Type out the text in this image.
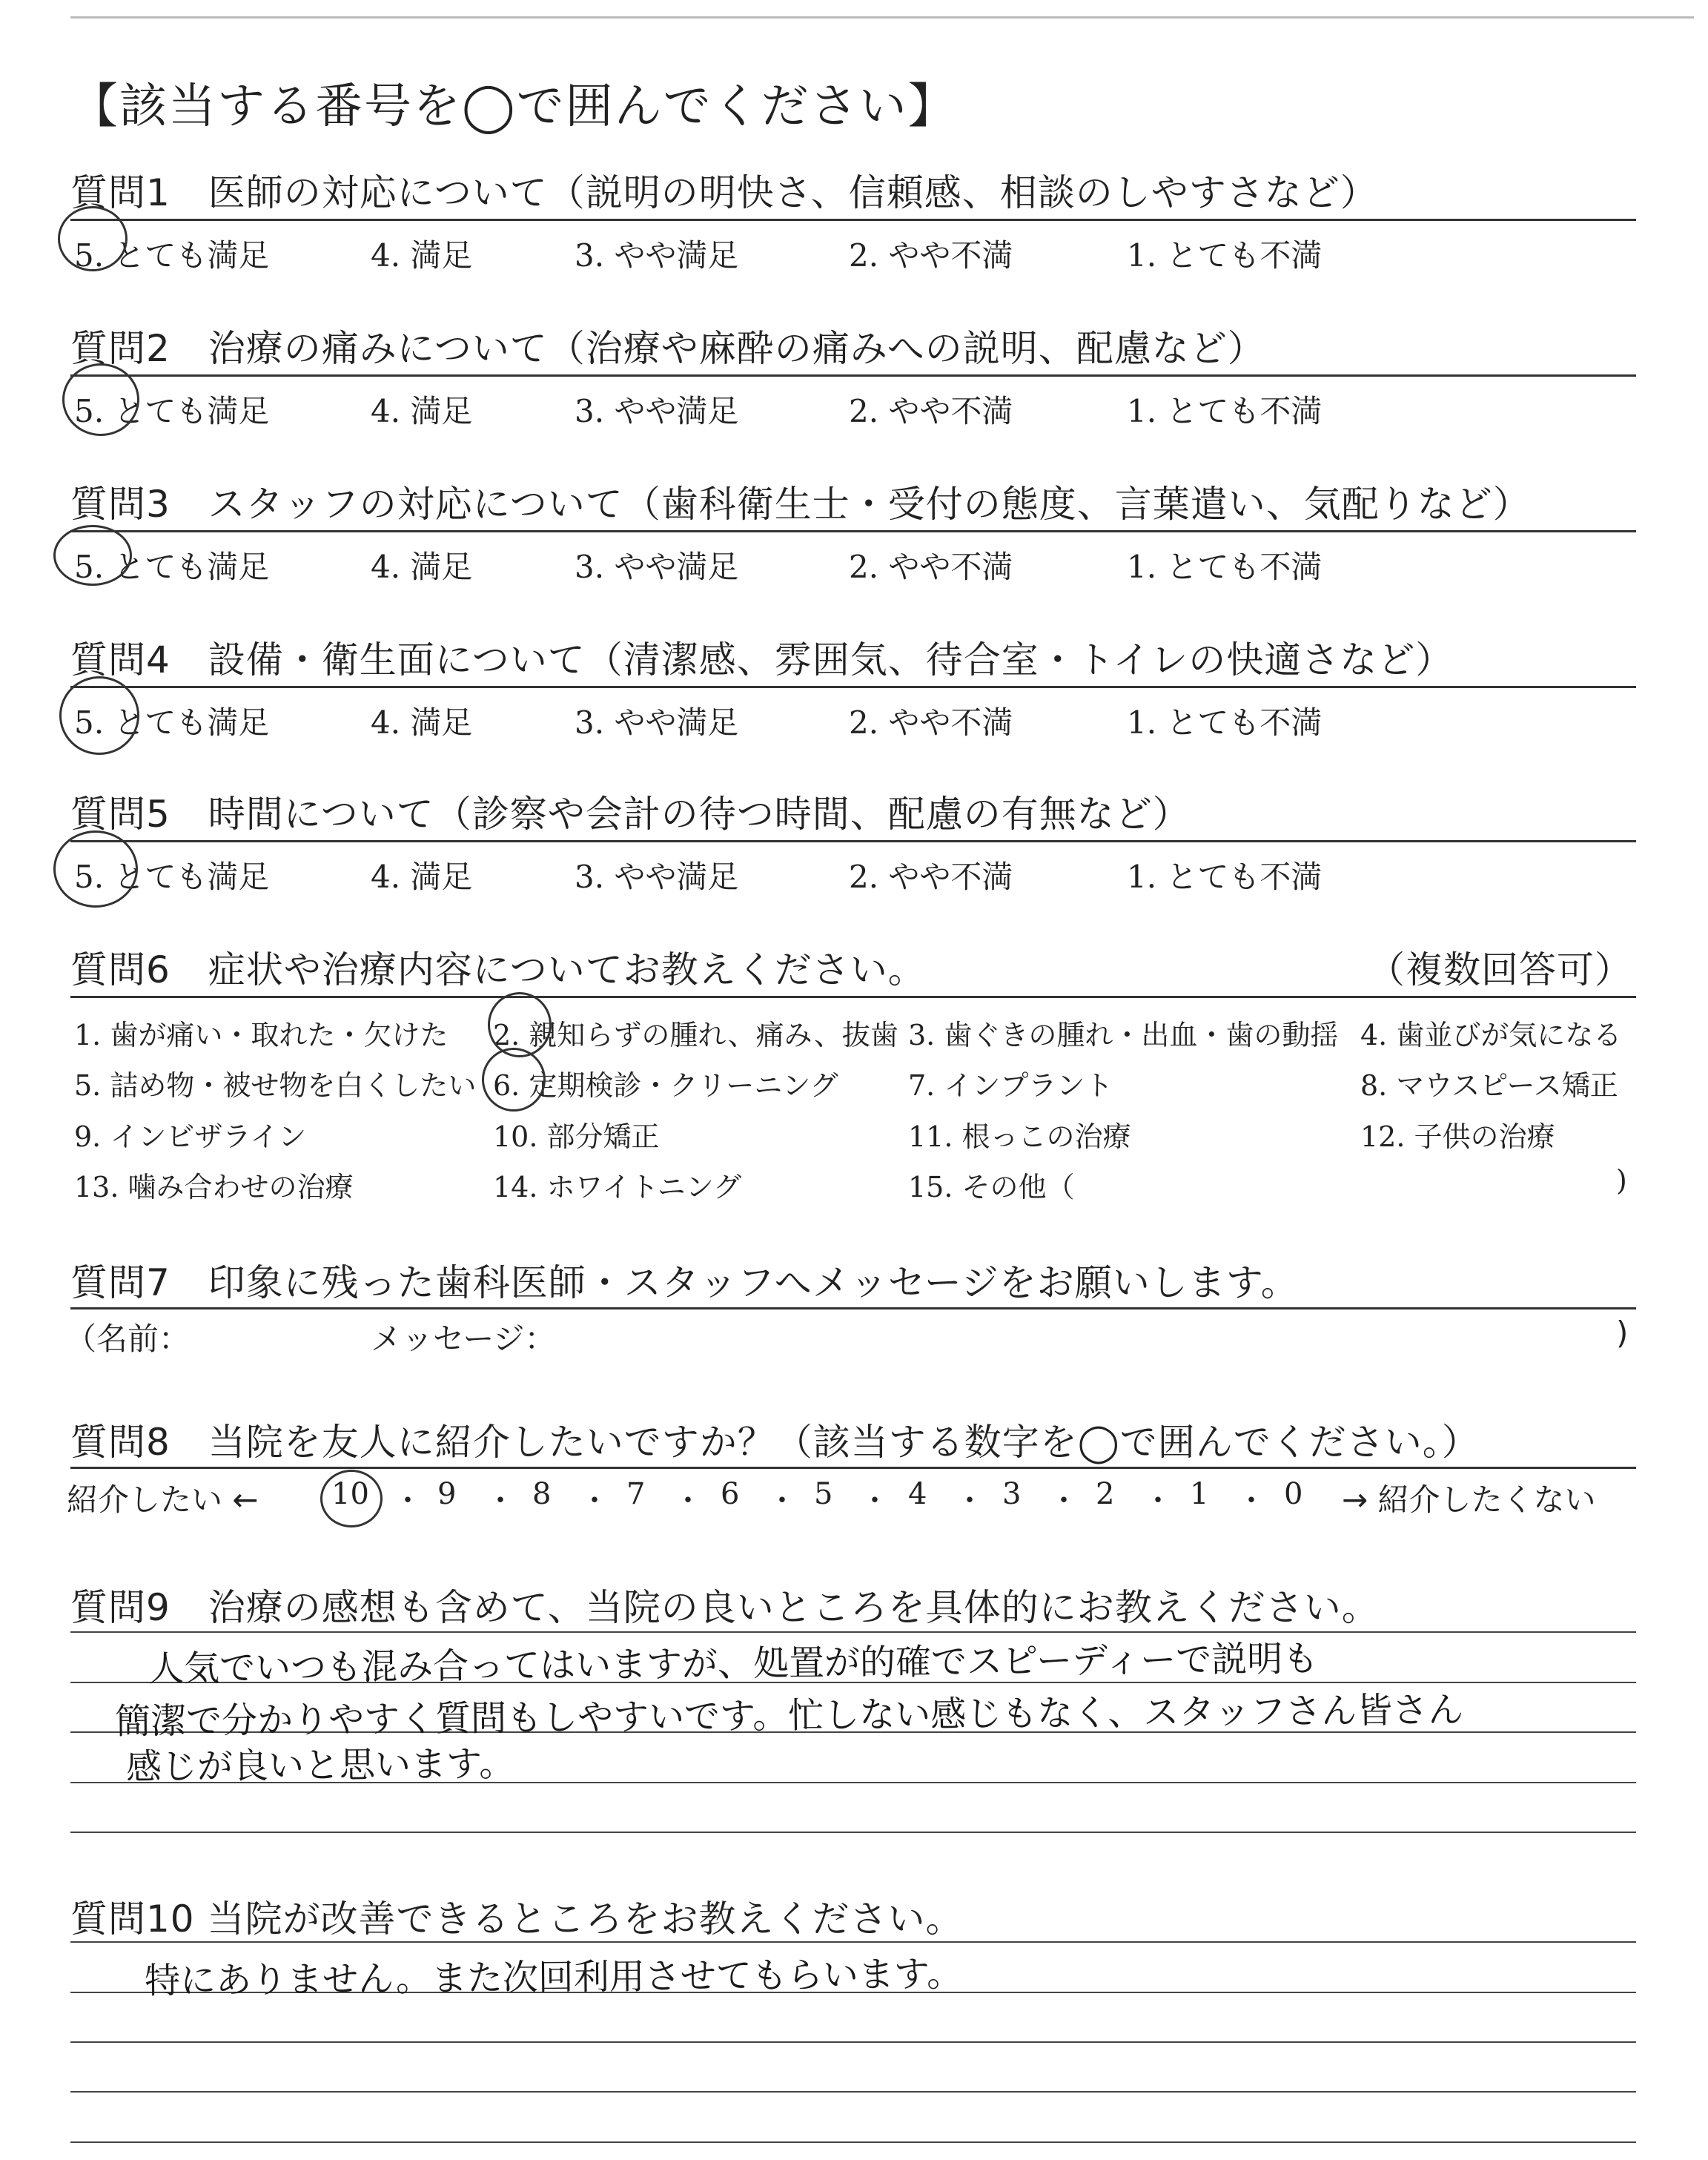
【該当する番号を◯で囲んでください】
質問1　医師の対応について（説明の明快さ、信頼感、相談のしやすさなど）
5. とても満足	4. 満足	3. やや満足	2. やや不満	1. とても不満
質問2　治療の痛みについて（治療や麻酔の痛みへの説明、配慮など）
5. とても満足	4. 満足	3. やや満足	2. やや不満	1. とても不満
質問3　スタッフの対応について（歯科衛生士・受付の態度、言葉遣い、気配りなど）
5. とても満足	4. 満足	3. やや満足	2. やや不満	1. とても不満
質問4　設備・衛生面について（清潔感、雰囲気、待合室・トイレの快適さなど）
5. とても満足	4. 満足	3. やや満足	2. やや不満	1. とても不満
質問5　時間について（診察や会計の待つ時間、配慮の有無など）
5. とても満足	4. 満足	3. やや満足	2. やや不満	1. とても不満
質問6　症状や治療内容についてお教えください。	（複数回答可）
1. 歯が痛い・取れた・欠けた 2. 親知らずの腫れ、痛み、抜歯 3. 歯ぐきの腫れ・出血・歯の動揺 4. 歯並びが気になる
5. 詰め物・被せ物を白くしたい 6. 定期検診・クリーニング 7. インプラント	8. マウスピース矯正
9. インビザライン	10. 部分矯正	11. 根っこの治療	12. 子供の治療
13. 噛み合わせの治療	14. ホワイトニング	15. その他（	)
質問7　印象に残った歯科医師・スタッフへメッセージをお願いします。
（名前：	メッセージ：	)
質問8　当院を友人に紹介したいですか？（該当する数字を◯で囲んでください。）
紹介したい ← 10 ・ 9 ・ 8 ・ 7 ・ 6 ・ 5 ・ 4 ・ 3 ・ 2 ・ 1 ・ 0 → 紹介したくない
質問9　治療の感想も含めて、当院の良いところを具体的にお教えください。
人気でいつも混み合ってはいますが、処置が的確でスピーディーで説明も
簡潔で分かりやすく質問もしやすいです。忙しない感じもなく、スタッフさん皆さん
感じが良いと思います。
質問10 当院が改善できるところをお教えください。
特にありません。また次回利用させてもらいます。
